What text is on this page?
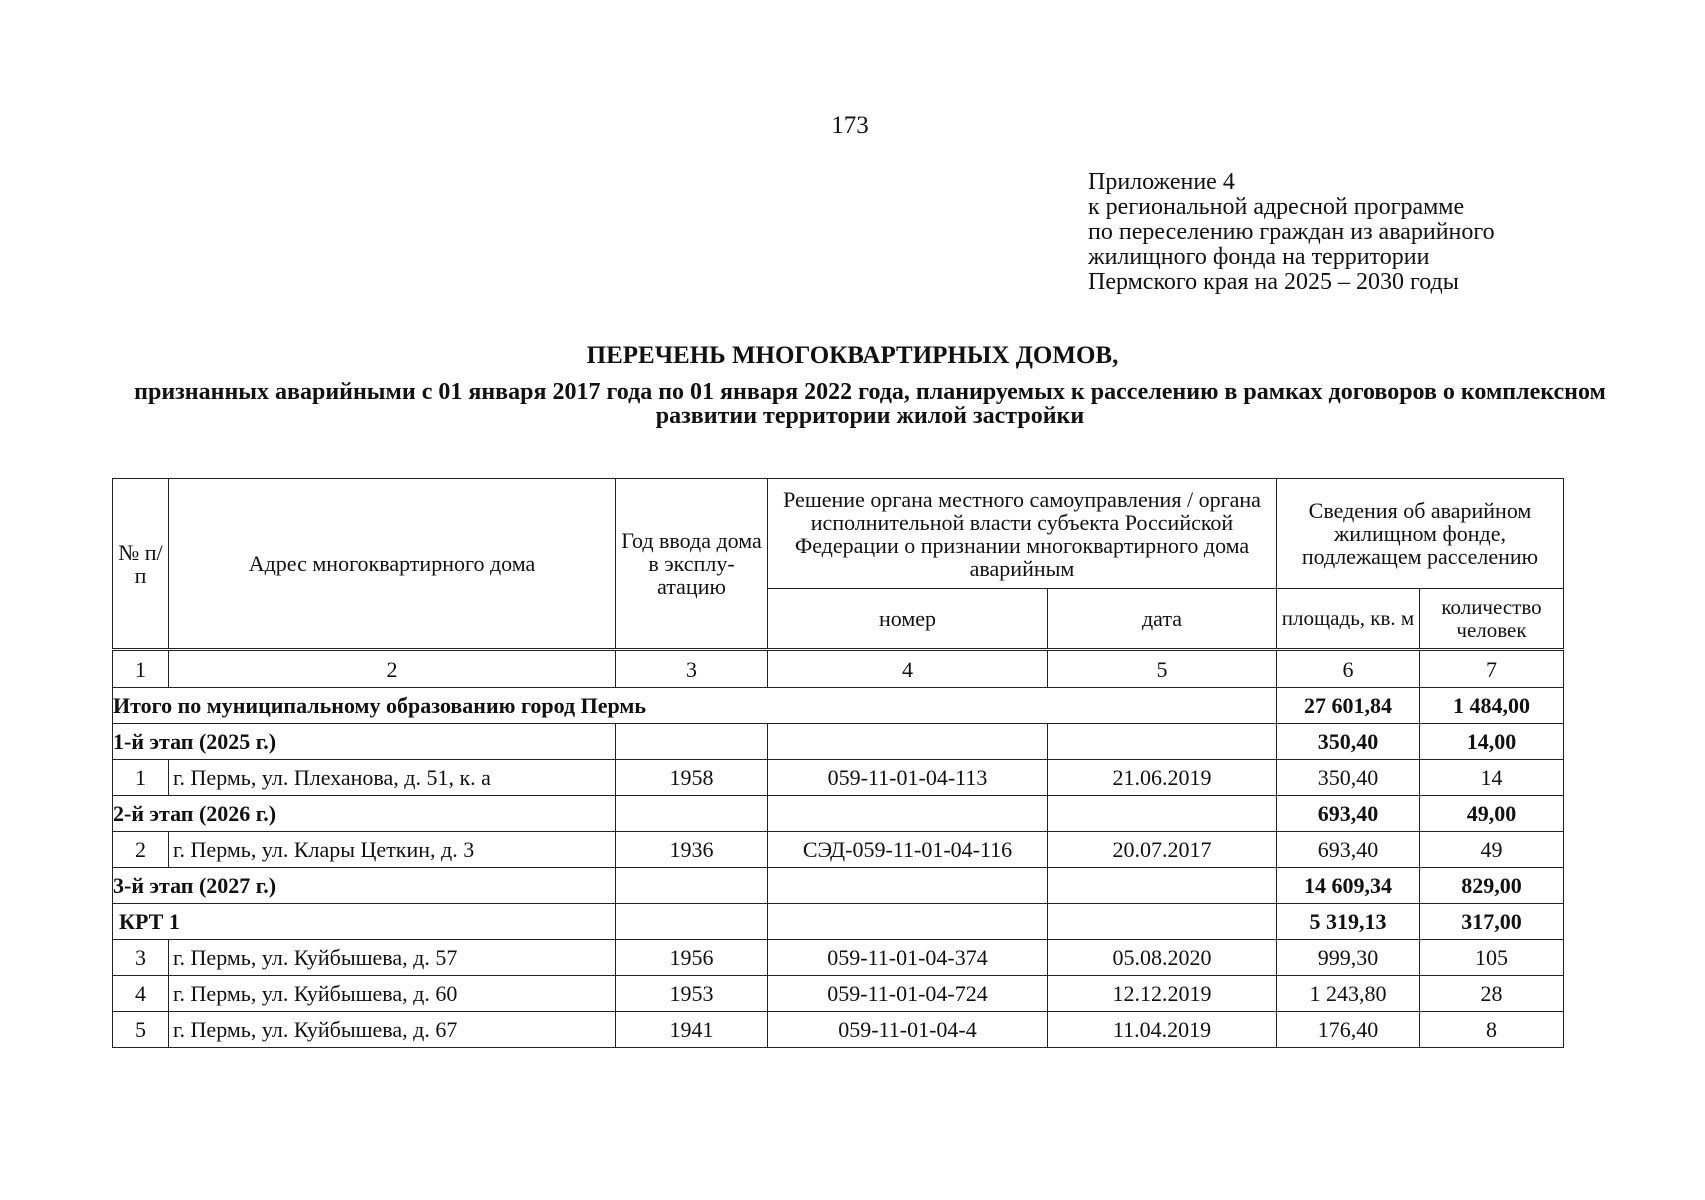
173
Приложение 4
к региональной адресной программе
по переселению граждан из аварийного
жилищного фонда на территории
Пермского края на 2025 – 2030 годы
ПЕРЕЧЕНЬ МНОГОКВАРТИРНЫХ ДОМОВ,
признанных аварийными с 01 января 2017 года по 01 января 2022 года, планируемых к расселению в рамках договоров о комплексном развитии территории жилой застройки
№ п/п	Адрес многоквартирного дома	Год ввода дома в эксплу-атацию	Решение органа местного самоуправления / органа исполнительной власти субъекта Российской Федерации о признании многоквартирного дома аварийным		Сведения об аварийном жилищном фонде, подлежащем расселению	
			номер	дата	площадь, кв. м	количество человек
1	2	3	4	5	6	7
Итого по муниципальному образованию город Пермь					27 601,84	1 484,00
1-й этап (2025 г.)					350,40	14,00
1	г. Пермь, ул. Плеханова, д. 51, к. а	1958	059-11-01-04-113	21.06.2019	350,40	14
2-й этап (2026 г.)					693,40	49,00
2	г. Пермь, ул. Клары Цеткин, д. 3	1936	СЭД-059-11-01-04-116	20.07.2017	693,40	49
3-й этап (2027 г.)					14 609,34	829,00
КРТ 1					5 319,13	317,00
3	г. Пермь, ул. Куйбышева, д. 57	1956	059-11-01-04-374	05.08.2020	999,30	105
4	г. Пермь, ул. Куйбышева, д. 60	1953	059-11-01-04-724	12.12.2019	1 243,80	28
5	г. Пермь, ул. Куйбышева, д. 67	1941	059-11-01-04-4	11.04.2019	176,40	8
